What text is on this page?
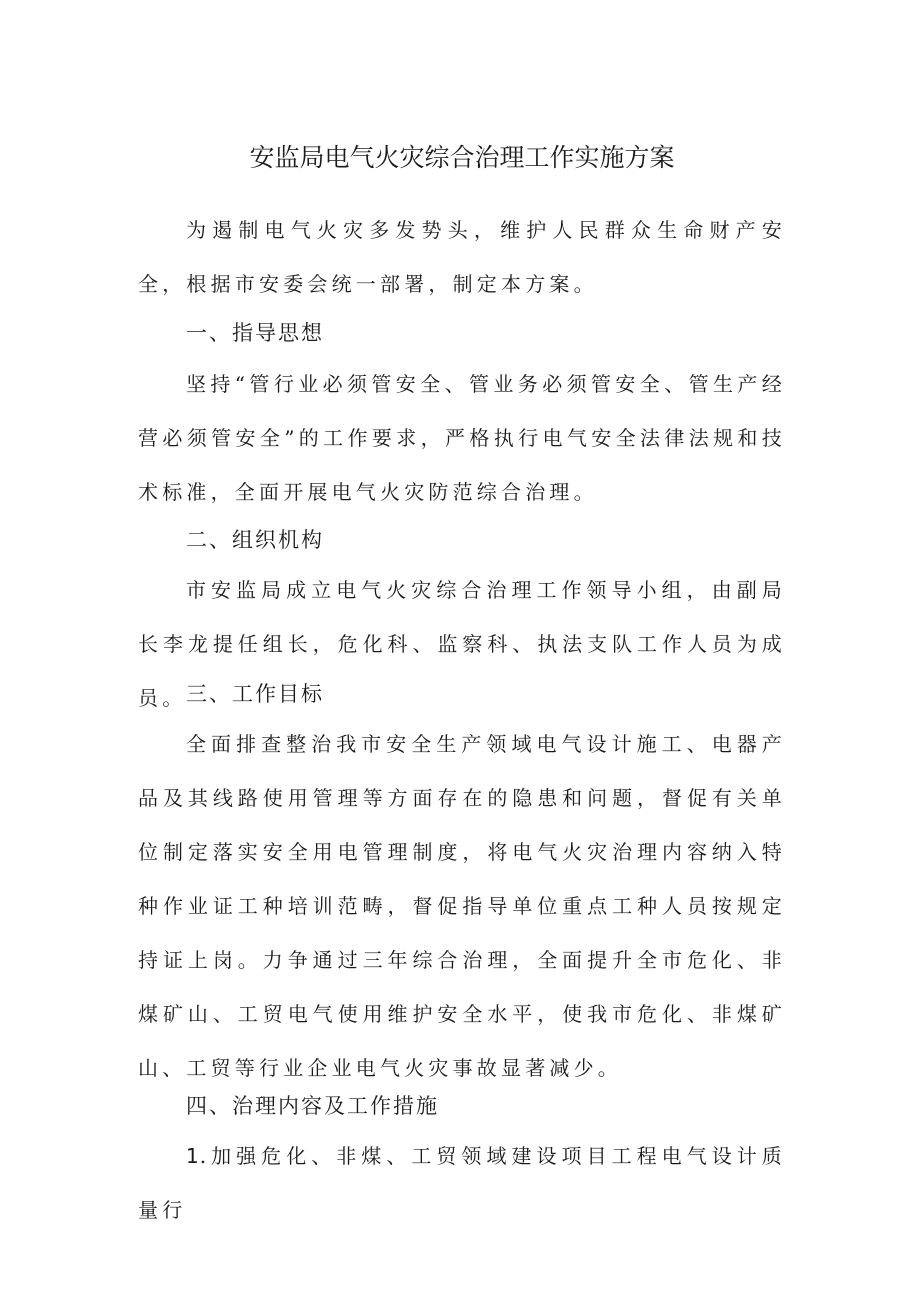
安监局电气火灾综合治理工作实施方案

为遏制电气火灾多发势头，维护人民群众生命财产安全，根据市安委会统一部署，制定本方案。

一、指导思想

坚持“管行业必须管安全、管业务必须管安全、管生产经营必须管安全”的工作要求，严格执行电气安全法律法规和技术标准，全面开展电气火灾防范综合治理。

二、组织机构

市安监局成立电气火灾综合治理工作领导小组，由副局长李龙提任组长，危化科、监察科、执法支队工作人员为成员。 三、工作目标

全面排查整治我市安全生产领域电气设计施工、电器产品及其线路使用管理等方面存在的隐患和问题，督促有关单位制定落实安全用电管理制度，将电气火灾治理内容纳入特种作业证工种培训范畴，督促指导单位重点工种人员按规定持证上岗。力争通过三年综合治理，全面提升全市危化、非煤矿山、工贸电气使用维护安全水平，使我市危化、非煤矿山、工贸等行业企业电气火灾事故显著减少。

四、治理内容及工作措施

1.加强危化、非煤、工贸领域建设项目工程电气设计质量行
